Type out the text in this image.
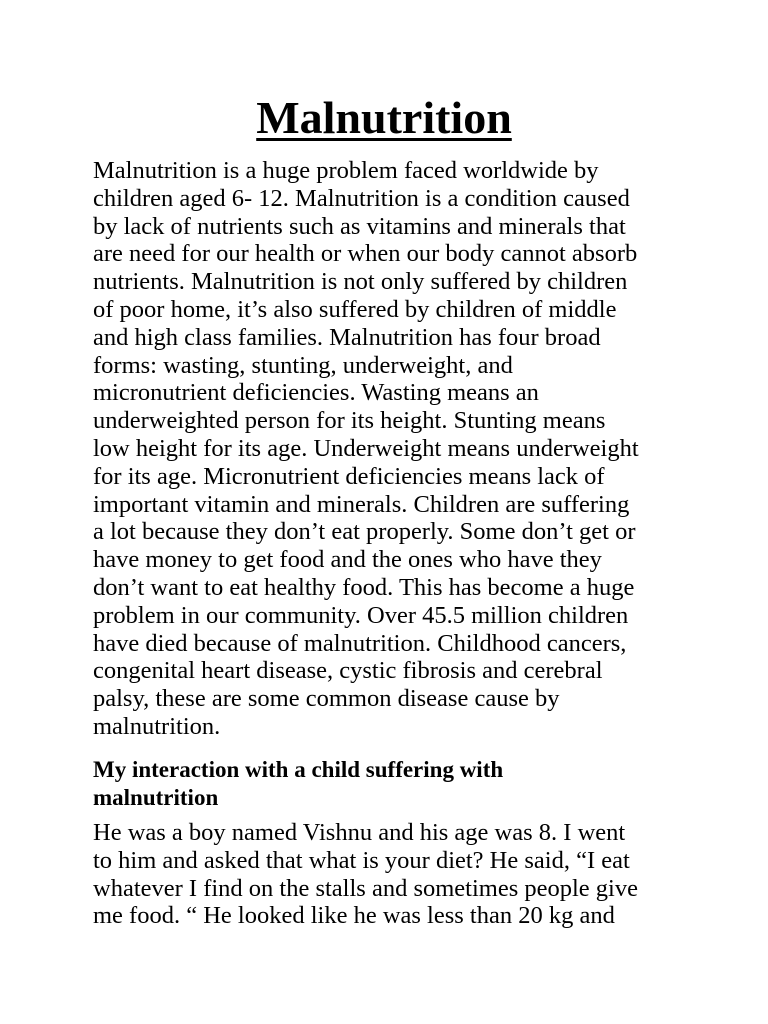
Malnutrition
Malnutrition is a huge problem faced worldwide by
children aged 6- 12. Malnutrition is a condition caused
by lack of nutrients such as vitamins and minerals that
are need for our health or when our body cannot absorb
nutrients. Malnutrition is not only suffered by children
of poor home, it’s also suffered by children of middle
and high class families. Malnutrition has four broad
forms: wasting, stunting, underweight, and
micronutrient deficiencies. Wasting means an
underweighted person for its height. Stunting means
low height for its age. Underweight means underweight
for its age. Micronutrient deficiencies means lack of
important vitamin and minerals. Children are suffering
a lot because they don’t eat properly. Some don’t get or
have money to get food and the ones who have they
don’t want to eat healthy food. This has become a huge
problem in our community. Over 45.5 million children
have died because of malnutrition. Childhood cancers,
congenital heart disease, cystic fibrosis and cerebral
palsy, these are some common disease cause by
malnutrition.
My interaction with a child suffering with
malnutrition
He was a boy named Vishnu and his age was 8. I went
to him and asked that what is your diet? He said, “I eat
whatever I find on the stalls and sometimes people give
me food. “ He looked like he was less than 20 kg and
